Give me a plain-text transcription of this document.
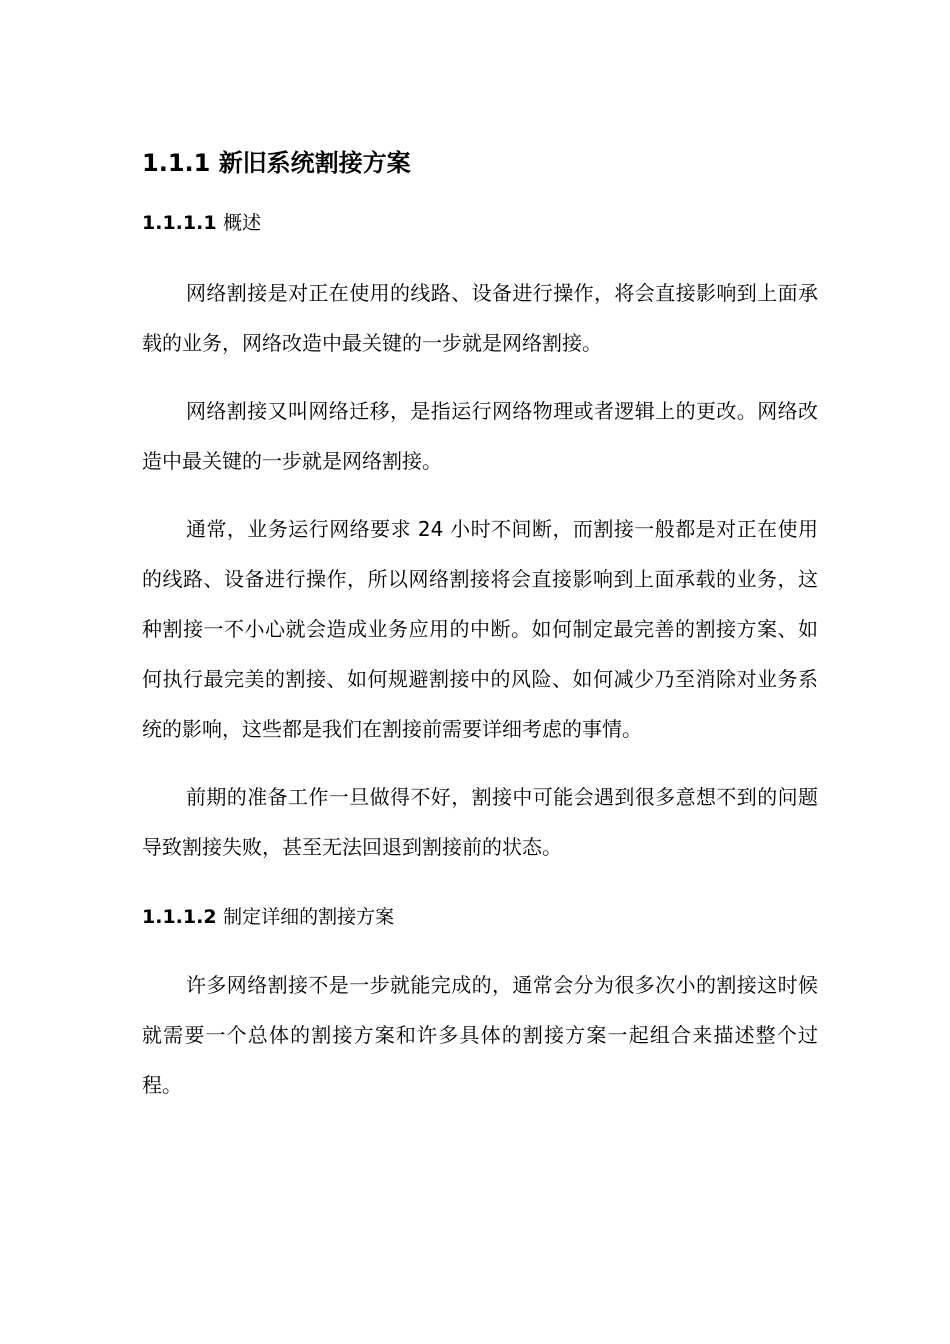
1.1.1 新旧系统割接方案
1.1.1.1 概述

网络割接是对正在使用的线路、设备进行操作，将会直接影响到上面承载的业务，网络改造中最关键的一步就是网络割接。

网络割接又叫网络迁移，是指运行网络物理或者逻辑上的更改。网络改造中最关键的一步就是网络割接。

通常，业务运行网络要求 24 小时不间断，而割接一般都是对正在使用的线路、设备进行操作，所以网络割接将会直接影响到上面承载的业务，这种割接一不小心就会造成业务应用的中断。如何制定最完善的割接方案、如何执行最完美的割接、如何规避割接中的风险、如何减少乃至消除对业务系统的影响，这些都是我们在割接前需要详细考虑的事情。

前期的准备工作一旦做得不好，割接中可能会遇到很多意想不到的问题导致割接失败，甚至无法回退到割接前的状态。

1.1.1.2 制定详细的割接方案

许多网络割接不是一步就能完成的，通常会分为很多次小的割接这时候就需要一个总体的割接方案和许多具体的割接方案一起组合来描述整个过程。
